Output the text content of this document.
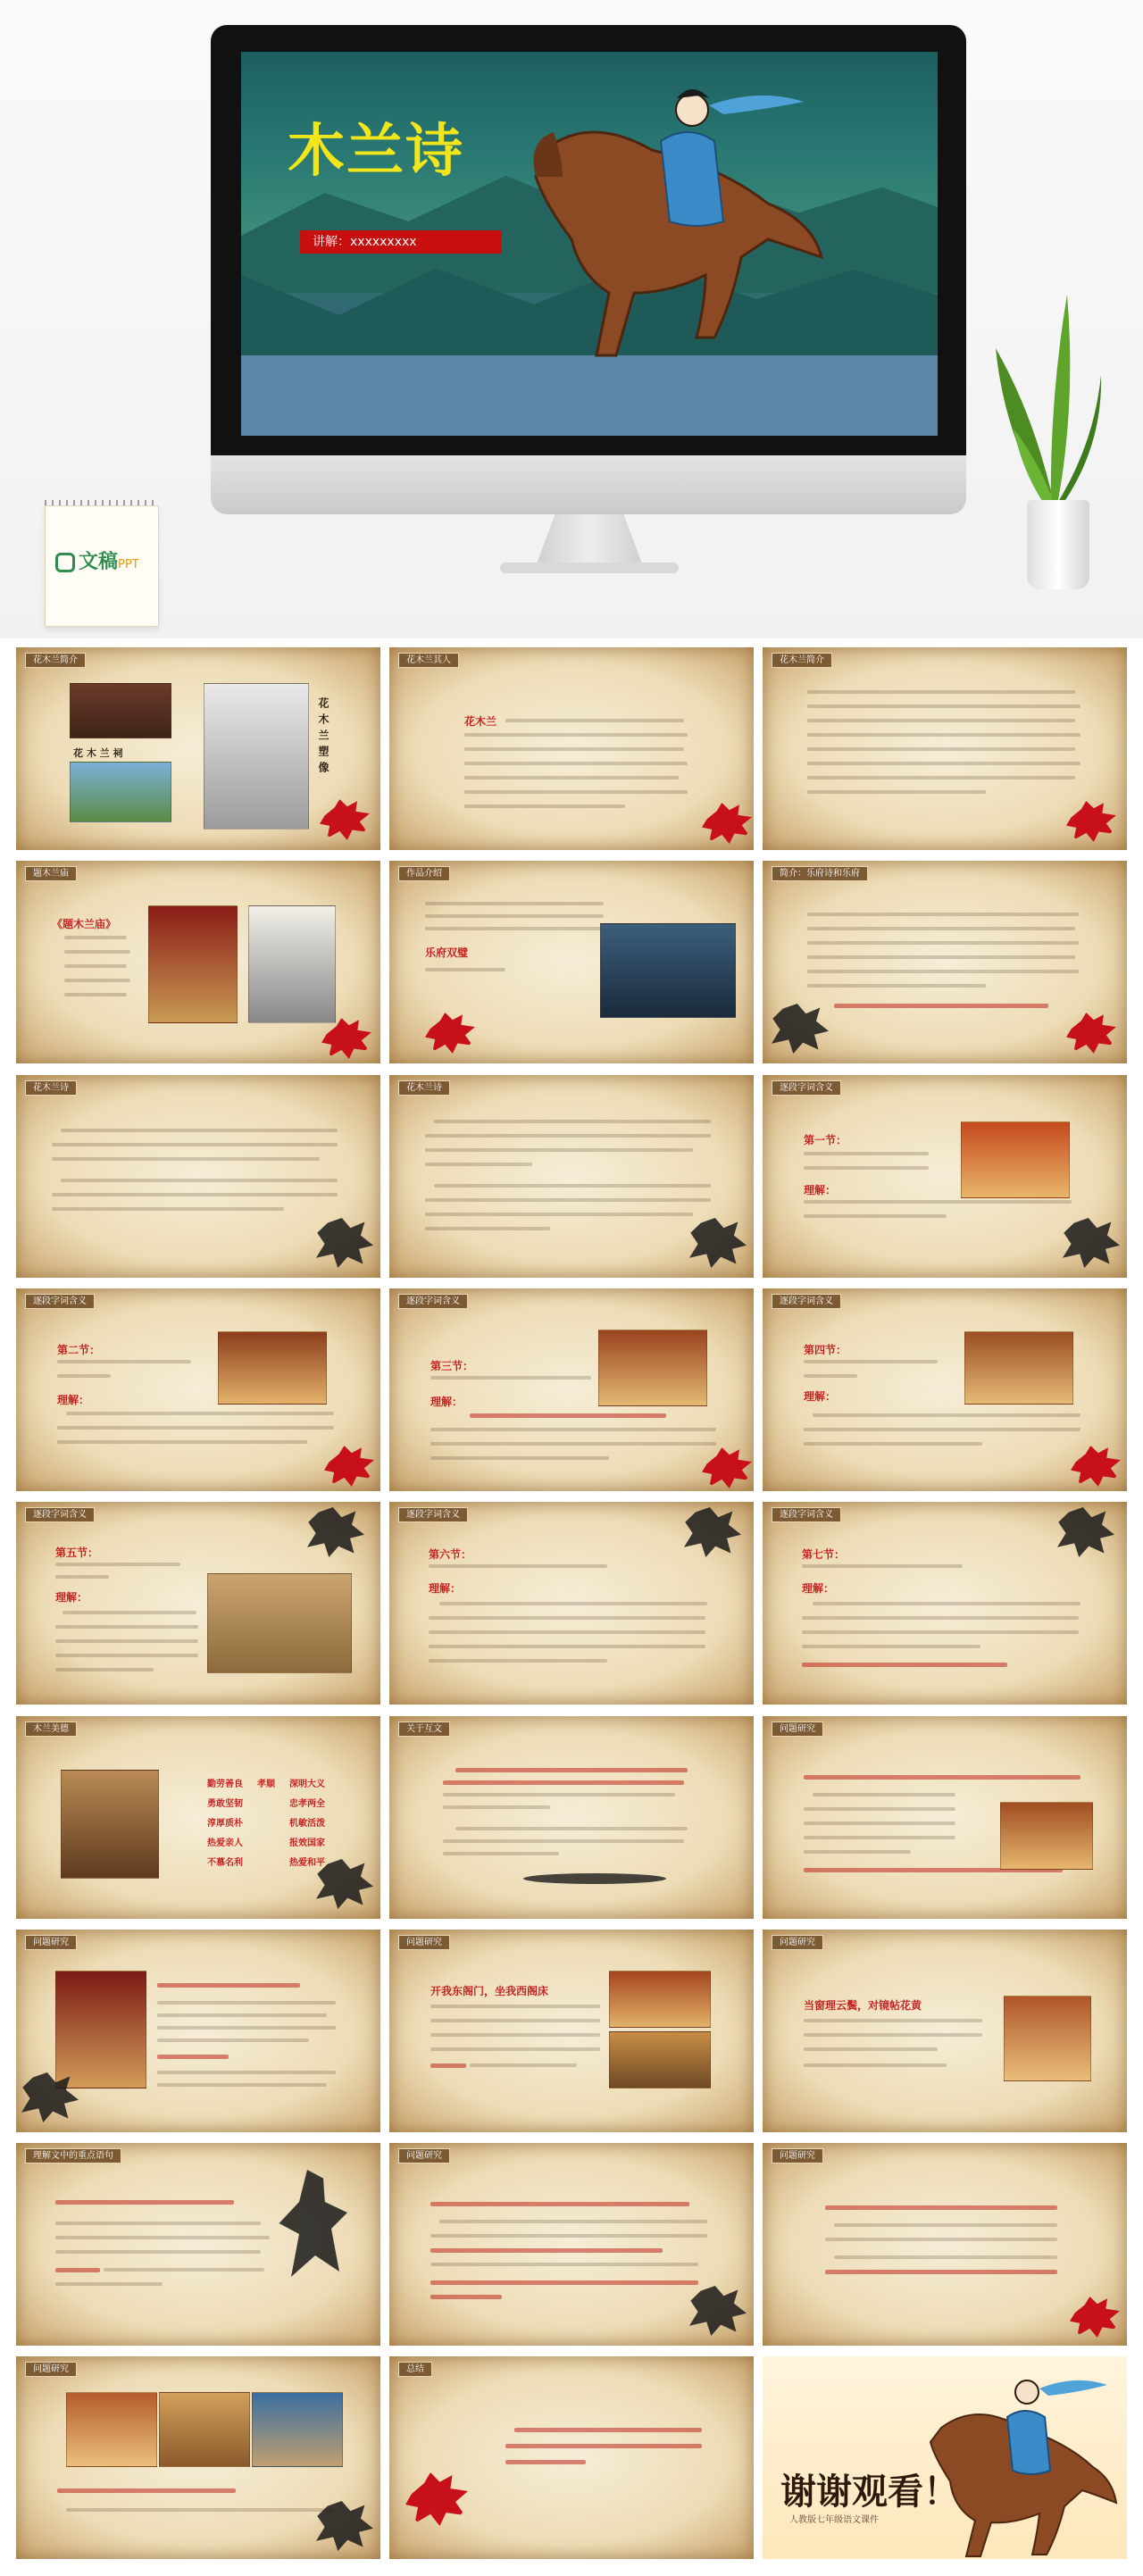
木兰诗
讲解：xxxxxxxxx
文稿PPT
花木兰简介
花 木 兰 祠	花木兰塑像
花木兰其人
花木兰
花木兰简介
题木兰庙
《题木兰庙》
作品介绍
乐府双璧
简介：乐府诗和乐府
花木兰诗	花木兰诗	逐段字词含义
第一节：
理解：
逐段字词含义
第二节：
理解：
逐段字词含义
第三节：
理解：
逐段字词含义
第四节：
理解：
逐段字词含义
第五节：
理解：
逐段字词含义
第六节：
理解：
逐段字词含义
第七节：
理解：
木兰美德
勤劳善良 孝顺 深明大义
勇敢坚韧	忠孝两全
淳厚质朴	机敏活泼
热爱亲人	报效国家
不慕名利	热爱和平
关于互文	问题研究
问题研究	问题研究
开我东阁门，坐我西阁床
问题研究
当窗理云鬓，对镜帖花黄
理解文中的重点语句	问题研究	问题研究
问题研究	总结
谢谢观看！
人教版七年级语文课件
